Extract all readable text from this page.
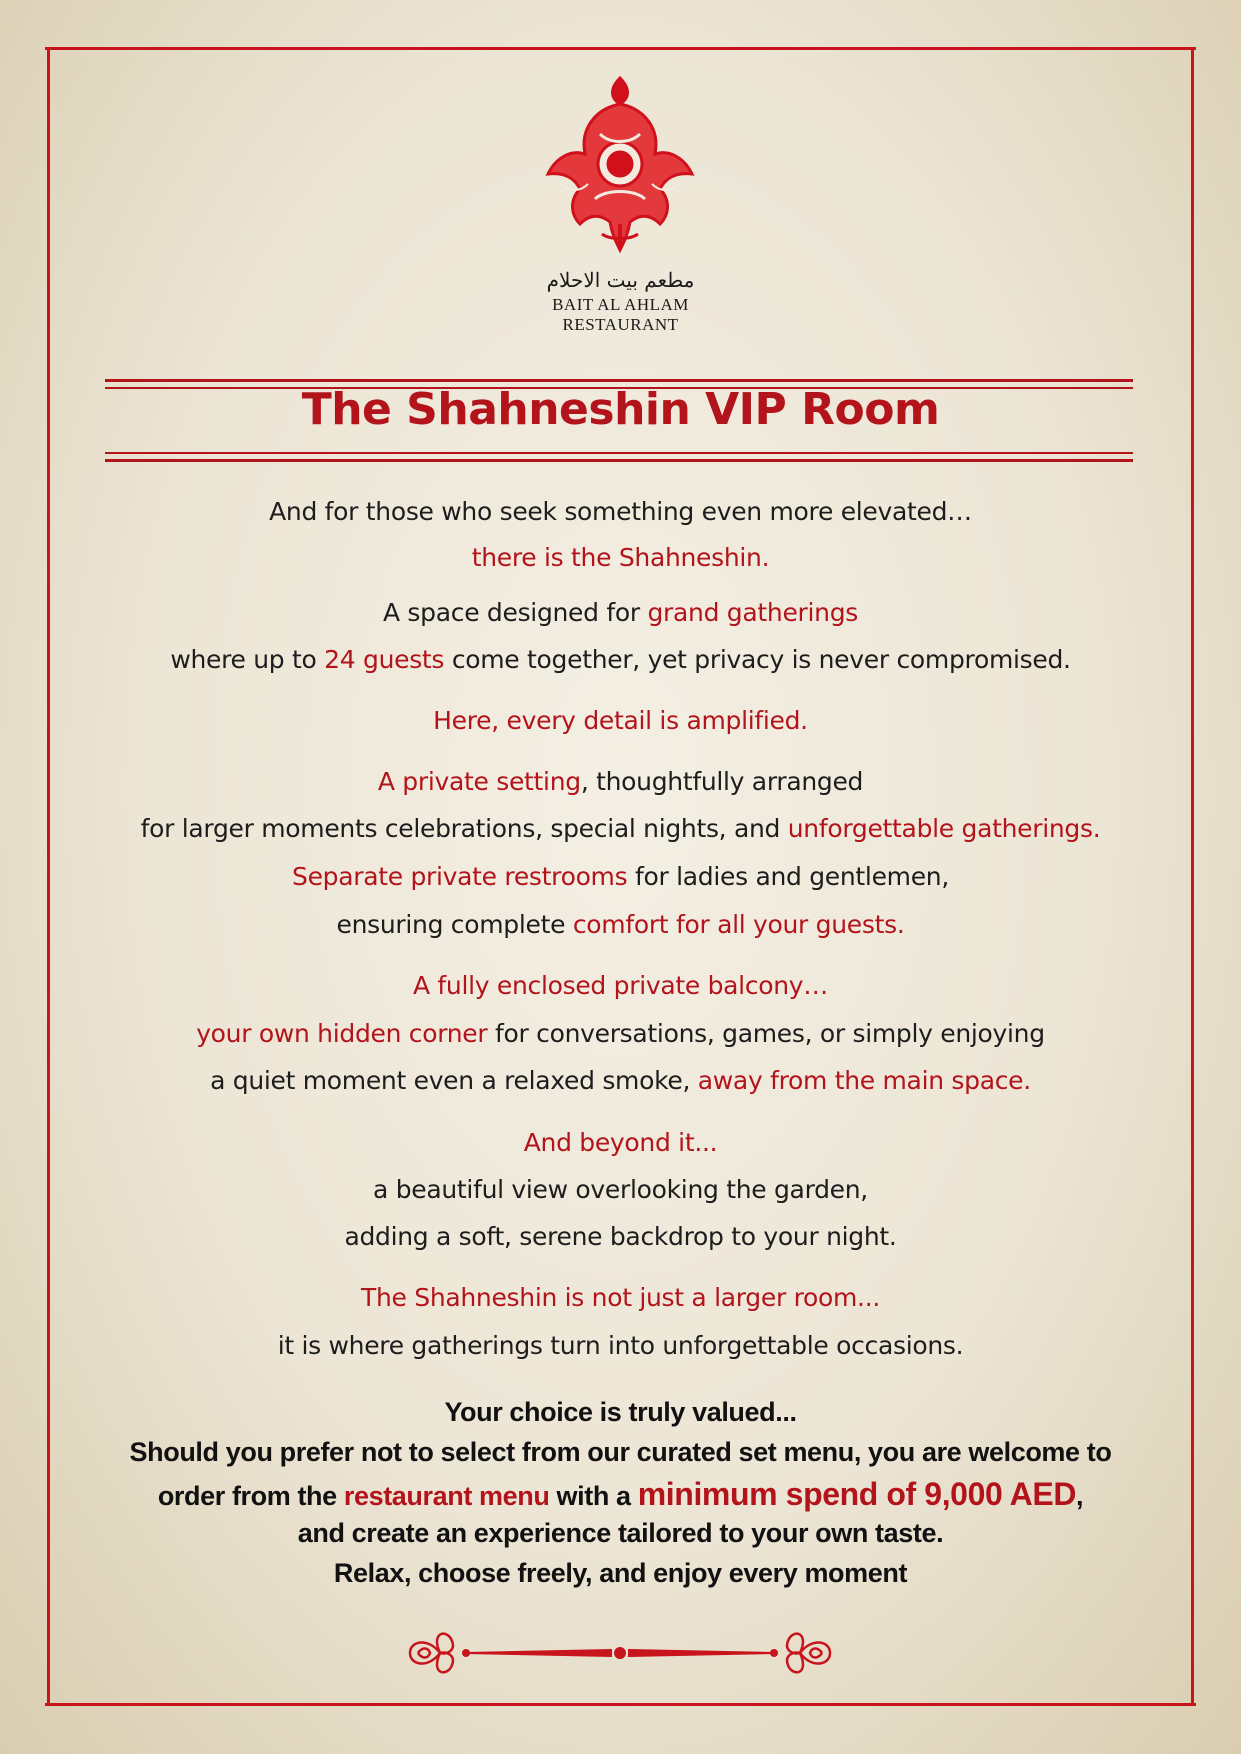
مطعم بيت الاحلام
BAIT AL AHLAM
RESTAURANT
The Shahneshin VIP Room
And for those who seek something even more elevated…
there is the Shahneshin.
A space designed for grand gatherings
where up to 24 guests come together, yet privacy is never compromised.
Here, every detail is amplified.
A private setting, thoughtfully arranged
for larger moments celebrations, special nights, and unforgettable gatherings.
Separate private restrooms for ladies and gentlemen,
ensuring complete comfort for all your guests.
A fully enclosed private balcony…
your own hidden corner for conversations, games, or simply enjoying
a quiet moment even a relaxed smoke, away from the main space.
And beyond it...
a beautiful view overlooking the garden,
adding a soft, serene backdrop to your night.
The Shahneshin is not just a larger room...
it is where gatherings turn into unforgettable occasions.
Your choice is truly valued...
Should you prefer not to select from our curated set menu, you are welcome to
order from the restaurant menu with a minimum spend of 9,000 AED,
and create an experience tailored to your own taste.
Relax, choose freely, and enjoy every moment
